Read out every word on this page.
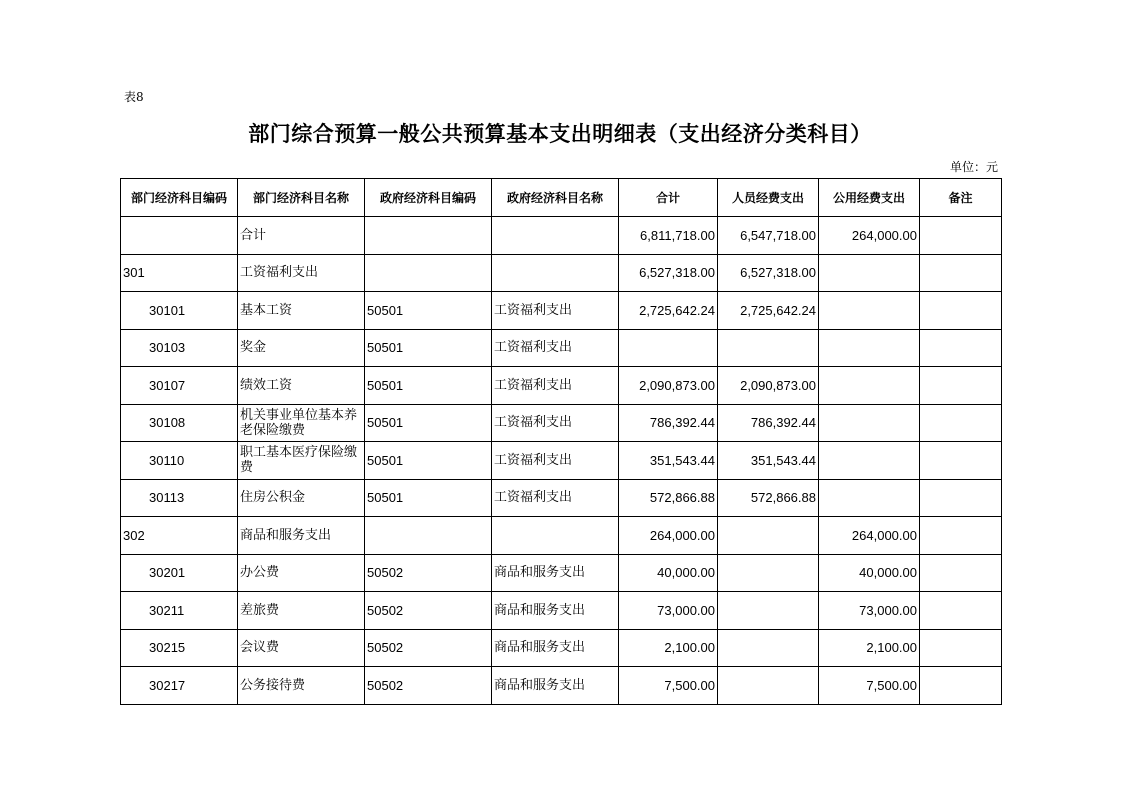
表8
部门综合预算一般公共预算基本支出明细表（支出经济分类科目）
单位：元
部门经济科目编码	部门经济科目名称	政府经济科目编码	政府经济科目名称	合计	人员经费支出	公用经费支出	备注
	合计			6,811,718.00	6,547,718.00	264,000.00	
301	工资福利支出			6,527,318.00	6,527,318.00		
30101	基本工资	50501	工资福利支出	2,725,642.24	2,725,642.24		
30103	奖金	50501	工资福利支出				
30107	绩效工资	50501	工资福利支出	2,090,873.00	2,090,873.00		
30108	机关事业单位基本养老保险缴费	50501	工资福利支出	786,392.44	786,392.44		
30110	职工基本医疗保险缴费	50501	工资福利支出	351,543.44	351,543.44		
30113	住房公积金	50501	工资福利支出	572,866.88	572,866.88		
302	商品和服务支出			264,000.00		264,000.00	
30201	办公费	50502	商品和服务支出	40,000.00		40,000.00	
30211	差旅费	50502	商品和服务支出	73,000.00		73,000.00	
30215	会议费	50502	商品和服务支出	2,100.00		2,100.00	
30217	公务接待费	50502	商品和服务支出	7,500.00		7,500.00	
